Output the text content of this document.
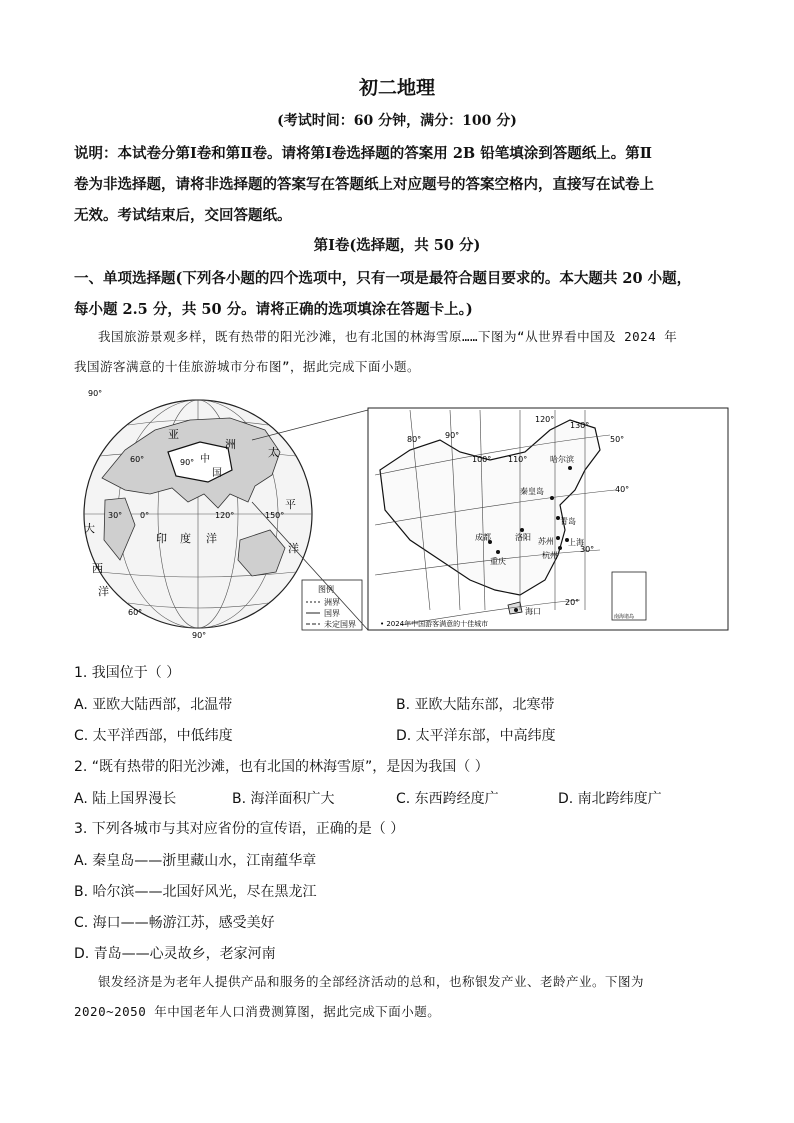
初二地理
(考试时间：60 分钟，满分：100 分)
说明：本试卷分第Ⅰ卷和第Ⅱ卷。请将第Ⅰ卷选择题的答案用 2B 铅笔填涂到答题纸上。第Ⅱ
卷为非选择题，请将非选择题的答案写在答题纸上对应题号的答案空格内，直接写在试卷上
无效。考试结束后，交回答题纸。
第Ⅰ卷(选择题，共 50 分)
一、单项选择题(下列各小题的四个选项中，只有一项是最符合题目要求的。本大题共 20 小题，
每小题 2.5 分，共 50 分。请将正确的选项填涂在答题卡上。)
我国旅游景观多样，既有热带的阳光沙滩，也有北国的林海雪原……下图为“从世界看中国及 2024 年
我国游客满意的十佳旅游城市分布图”，据此完成下面小题。
90°
60°	90°
120°	150°
30° 0°
60°
90°
亚
洲
中
国
太
平
洋
印 度 洋
大
西
洋	图例
洲界
国界
未定国界
80°	90°
100° 110°
120°
130°
50°
40°
30°
20°
哈尔滨
秦皇岛
青岛
成都	洛阳 苏州 上海
杭州
重庆
海口
南海诸岛
• 2024年中国游客满意的十佳城市
1. 我国位于（ ）
A. 亚欧大陆西部，北温带	B. 亚欧大陆东部，北寒带
C. 太平洋西部，中低纬度	D. 太平洋东部，中高纬度
2. “既有热带的阳光沙滩，也有北国的林海雪原”，是因为我国（ ）
A. 陆上国界漫长	B. 海洋面积广大	C. 东西跨经度广	D. 南北跨纬度广
3. 下列各城市与其对应省份的宣传语，正确的是（ ）
A. 秦皇岛——浙里藏山水，江南蕴华章
B. 哈尔滨——北国好风光，尽在黑龙江
C. 海口——畅游江苏，感受美好
D. 青岛——心灵故乡，老家河南
银发经济是为老年人提供产品和服务的全部经济活动的总和，也称银发产业、老龄产业。下图为
2020~2050 年中国老年人口消费测算图，据此完成下面小题。
